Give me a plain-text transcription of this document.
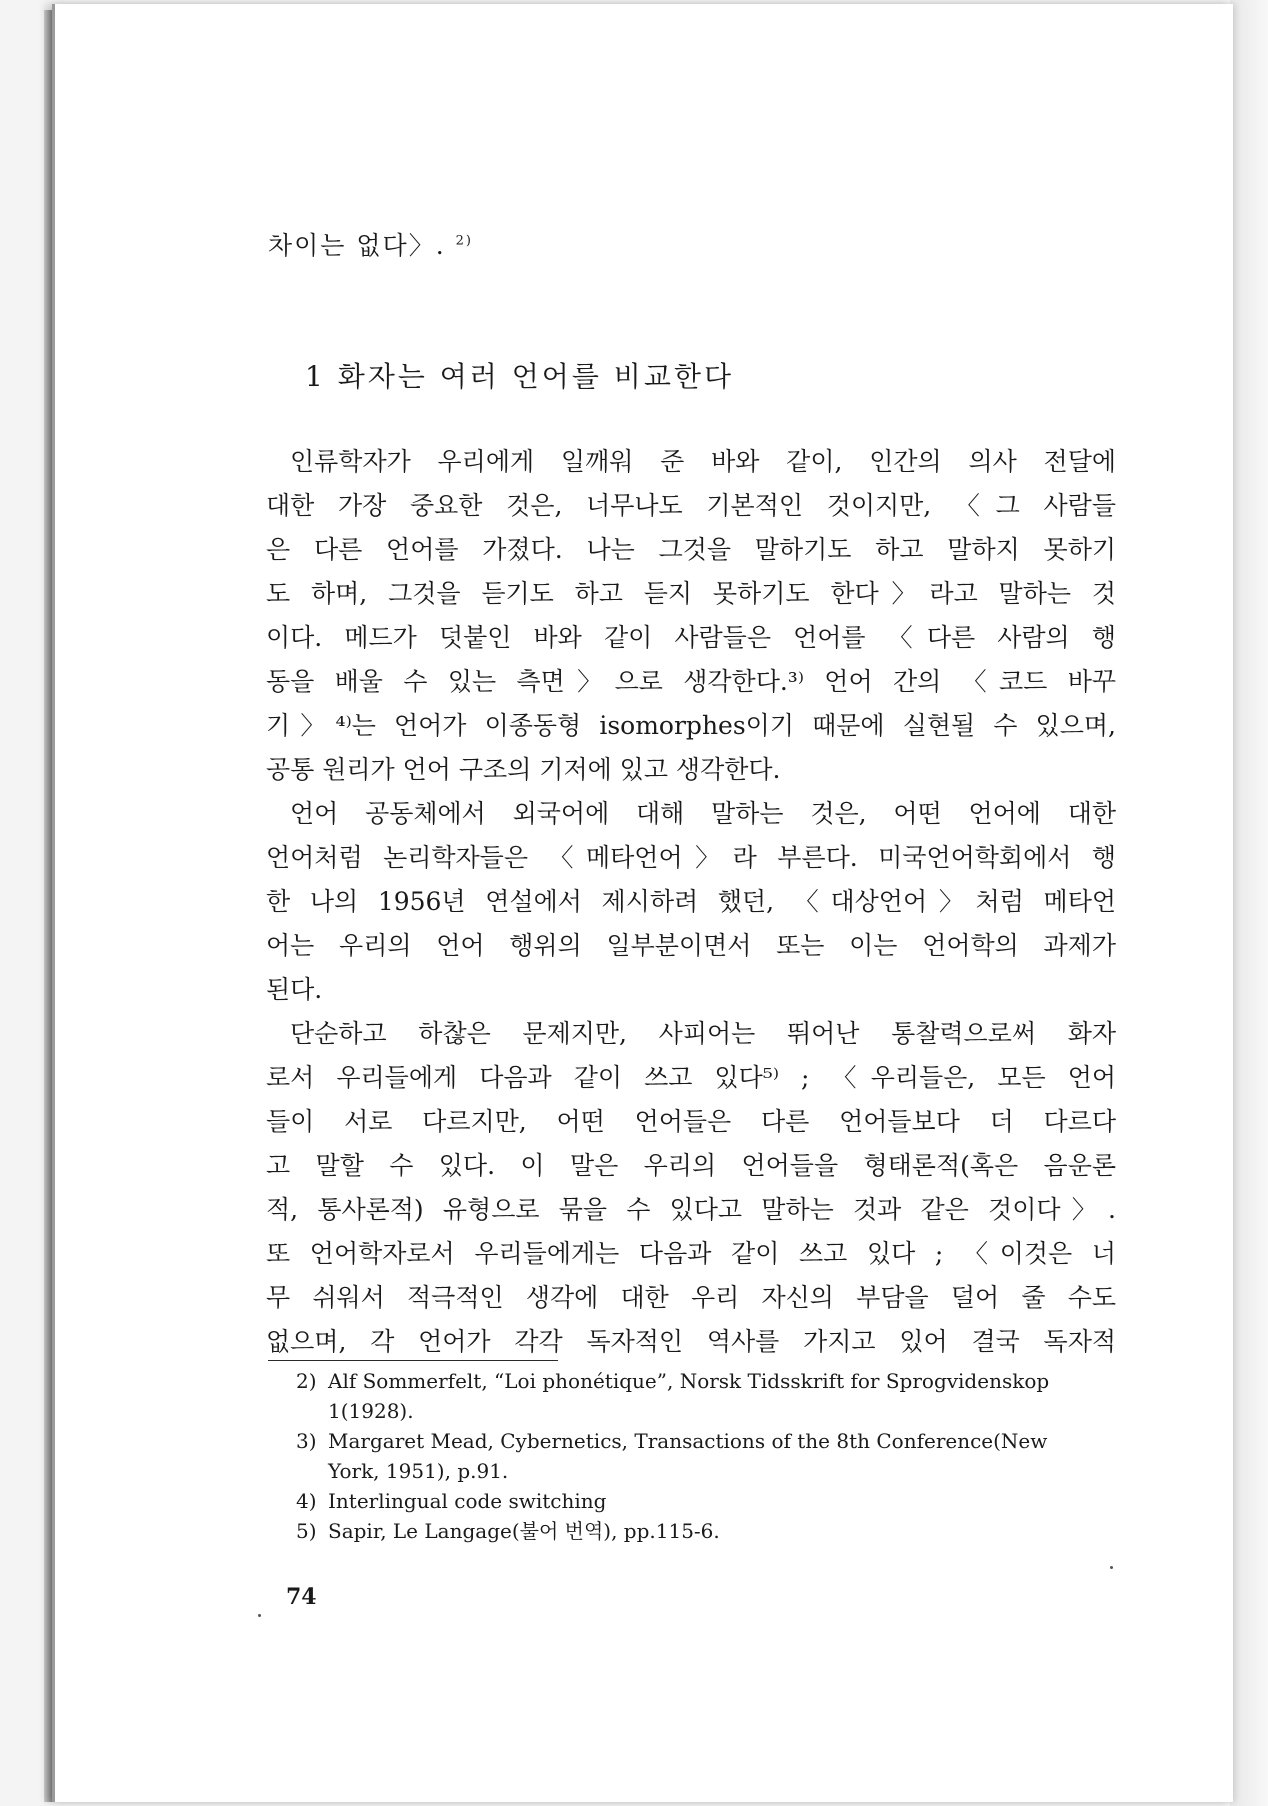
차이는 없다〉. $^{2)}$
1 화자는 여러 언어를 비교한다
인류학자가 우리에게 일깨워 준 바와 같이, 인간의 의사 전달에
대한 가장 중요한 것은, 너무나도 기본적인 것이지만, 〈그 사람들
은 다른 언어를 가졌다. 나는 그것을 말하기도 하고 말하지 못하기
도 하며, 그것을 듣기도 하고 듣지 못하기도 한다〉라고 말하는 것
이다. 메드가 덧붙인 바와 같이 사람들은 언어를 〈다른 사람의 행
동을 배울 수 있는 측면〉으로 생각한다.³⁾ 언어 간의 〈코드 바꾸
기〉⁴⁾는 언어가 이종동형 isomorphes이기 때문에 실현될 수 있으며,
공통 원리가 언어 구조의 기저에 있고 생각한다.
언어 공동체에서 외국어에 대해 말하는 것은, 어떤 언어에 대한
언어처럼 논리학자들은 〈메타언어〉라 부른다. 미국언어학회에서 행
한 나의 1956년 연설에서 제시하려 했던, 〈대상언어〉처럼 메타언
어는 우리의 언어 행위의 일부분이면서 또는 이는 언어학의 과제가
된다.
단순하고 하찮은 문제지만, 사피어는 뛰어난 통찰력으로써 화자
로서 우리들에게 다음과 같이 쓰고 있다⁵⁾ ; 〈우리들은, 모든 언어
들이 서로 다르지만, 어떤 언어들은 다른 언어들보다 더 다르다
고 말할 수 있다. 이 말은 우리의 언어들을 형태론적(혹은 음운론
적, 통사론적) 유형으로 묶을 수 있다고 말하는 것과 같은 것이다〉.
또 언어학자로서 우리들에게는 다음과 같이 쓰고 있다 ; 〈이것은 너
무 쉬워서 적극적인 생각에 대한 우리 자신의 부담을 덜어 줄 수도
없으며, 각 언어가 각각 독자적인 역사를 가지고 있어 결국 독자적
2) Alf Sommerfelt, “Loi phonétique”, Norsk Tidsskrift for Sprogvidenskop
1(1928).
3) Margaret Mead, Cybernetics, Transactions of the 8th Conference(New
York, 1951), p.91.
4) Interlingual code switching
5) Sapir, Le Langage(불어 번역), pp.115-6.
74
